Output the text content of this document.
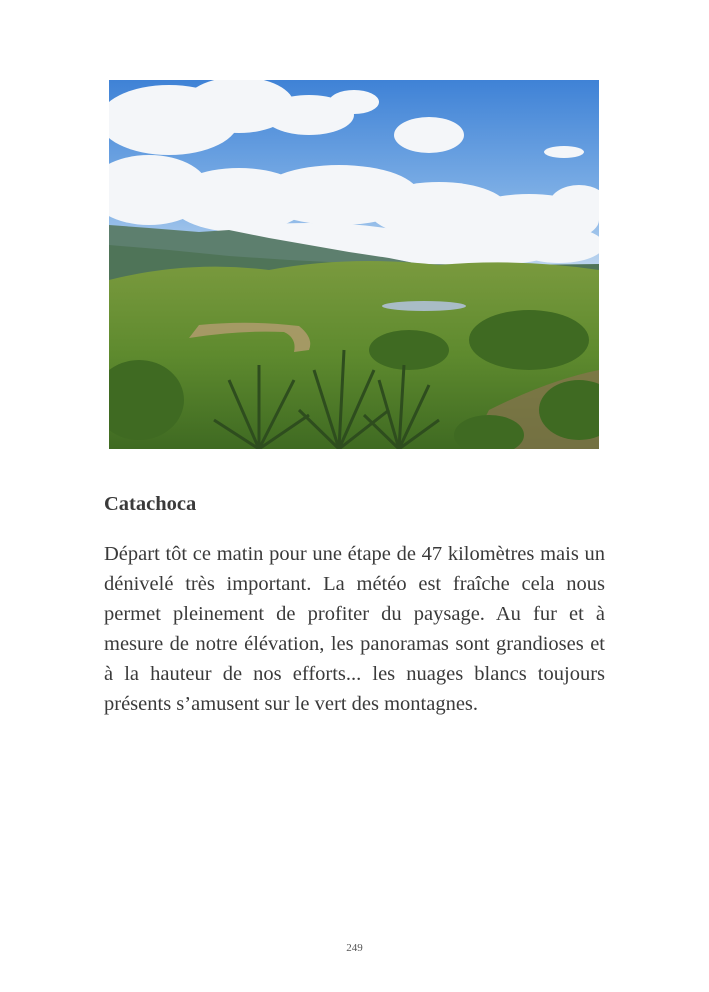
Catachoca

Départ tôt ce matin pour une étape de 47 kilomètres mais un dénivelé très important. La météo est fraîche cela nous permet pleinement de profiter du paysage. Au fur et à mesure de notre élévation, les panoramas sont grandioses et à la hauteur de nos efforts... les nuages blancs toujours présents s’amusent sur le vert des montagnes.

249
